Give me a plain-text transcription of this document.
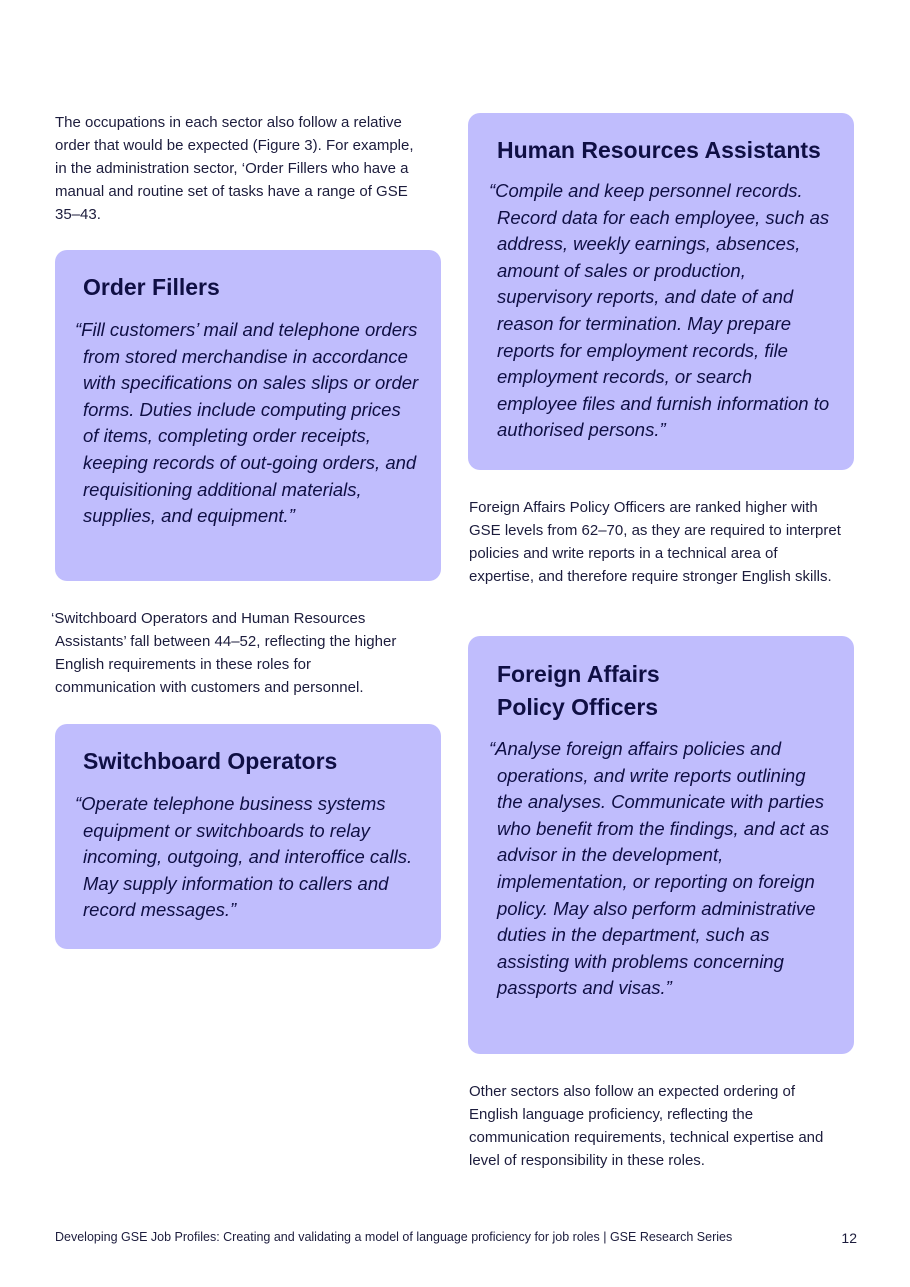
The occupations in each sector also follow a relative order that would be expected (Figure 3). For example, in the administration sector, ‘Order Fillers who have a manual and routine set of tasks have a range of GSE 35–43.

Order Fillers

“Fill customers’ mail and telephone orders from stored merchandise in accordance with specifications on sales slips or order forms. Duties include computing prices of items, completing order receipts, keeping records of out-going orders, and requisitioning additional materials, supplies, and equipment.”

‘Switchboard Operators and Human Resources Assistants’ fall between 44–52, reflecting the higher English requirements in these roles for communication with customers and personnel.

Switchboard Operators

“Operate telephone business systems equipment or switchboards to relay incoming, outgoing, and interoffice calls. May supply information to callers and record messages.”

Human Resources Assistants

“Compile and keep personnel records. Record data for each employee, such as address, weekly earnings, absences, amount of sales or production, supervisory reports, and date of and reason for termination. May prepare reports for employment records, file employment records, or search employee files and furnish information to authorised persons.”

Foreign Affairs Policy Officers are ranked higher with GSE levels from 62–70, as they are required to interpret policies and write reports in a technical area of expertise, and therefore require stronger English skills.

Foreign Affairs
Policy Officers

“Analyse foreign affairs policies and operations, and write reports outlining the analyses. Communicate with parties who benefit from the findings, and act as advisor in the development, implementation, or reporting on foreign policy. May also perform administrative duties in the department, such as assisting with problems concerning passports and visas.”

Other sectors also follow an expected ordering of English language proficiency, reflecting the communication requirements, technical expertise and level of responsibility in these roles.

Developing GSE Job Profiles: Creating and validating a model of language proficiency for job roles | GSE Research Series	12
